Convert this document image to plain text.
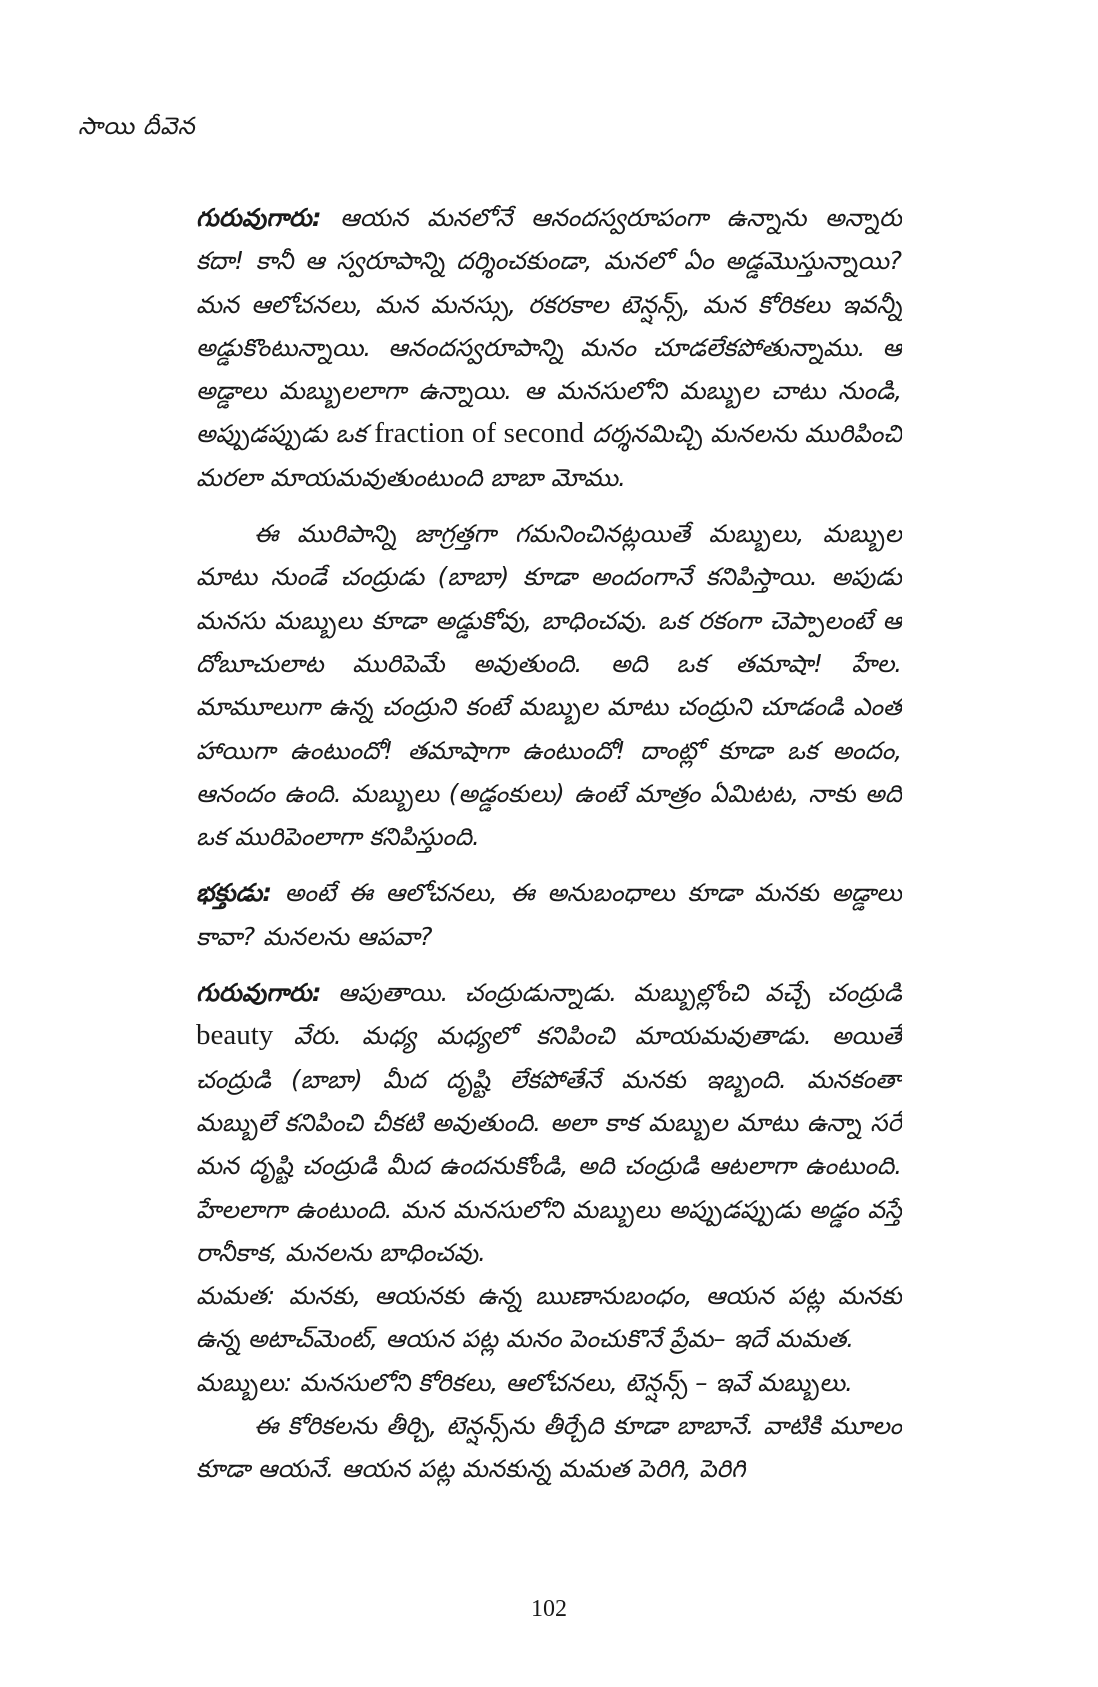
సాయి దీవెన

గురువుగారు: ఆయన మనలోనే ఆనందస్వరూపంగా ఉన్నాను అన్నారు కదా! కానీ ఆ స్వరూపాన్ని దర్శించకుండా, మనలో ఏం అడ్డమొస్తున్నాయి? మన ఆలోచనలు, మన మనస్సు, రకరకాల టెన్షన్స్, మన కోరికలు ఇవన్నీ అడ్డుకొంటున్నాయి. ఆనందస్వరూపాన్ని మనం చూడలేకపోతున్నాము. ఆ అడ్డాలు మబ్బులలాగా ఉన్నాయి. ఆ మనసులోని మబ్బుల చాటు నుండి, అప్పుడప్పుడు ఒక fraction of second దర్శనమిచ్చి మనలను మురిపించి మరలా మాయమవుతుంటుంది బాబా మోము.

ఈ మురిపాన్ని జాగ్రత్తగా గమనించినట్లయితే మబ్బులు, మబ్బుల మాటు నుండే చంద్రుడు (బాబా) కూడా అందంగానే కనిపిస్తాయి. అపుడు మనసు మబ్బులు కూడా అడ్డుకోవు, బాధించవు. ఒక రకంగా చెప్పాలంటే ఆ దోబూచులాట మురిపెమే అవుతుంది. అది ఒక తమాషా! హేల. మామూలుగా ఉన్న చంద్రుని కంటే మబ్బుల మాటు చంద్రుని చూడండి ఎంత హాయిగా ఉంటుందో! తమాషాగా ఉంటుందో! దాంట్లో కూడా ఒక అందం, ఆనందం ఉంది. మబ్బులు (అడ్డంకులు) ఉంటే మాత్రం ఏమిటట, నాకు అది ఒక మురిపెంలాగా కనిపిస్తుంది.

భక్తుడు: అంటే ఈ ఆలోచనలు, ఈ అనుబంధాలు కూడా మనకు అడ్డాలు కావా? మనలను ఆపవా?

గురువుగారు: ఆపుతాయి. చంద్రుడున్నాడు. మబ్బుల్లోంచి వచ్చే చంద్రుడి beauty వేరు. మధ్య మధ్యలో కనిపించి మాయమవుతాడు. అయితే చంద్రుడి (బాబా) మీద దృష్టి లేకపోతేనే మనకు ఇబ్బంది. మనకంతా మబ్బులే కనిపించి చీకటి అవుతుంది. అలా కాక మబ్బుల మాటు ఉన్నా సరే మన దృష్టి చంద్రుడి మీద ఉందనుకోండి, అది చంద్రుడి ఆటలాగా ఉంటుంది. హేలలాగా ఉంటుంది. మన మనసులోని మబ్బులు అప్పుడప్పుడు అడ్డం వస్తే రానీకాక, మనలను బాధించవు.

మమత: మనకు, ఆయనకు ఉన్న ఋణానుబంధం, ఆయన పట్ల మనకు ఉన్న అటాచ్‌మెంట్, ఆయన పట్ల మనం పెంచుకొనే ప్రేమ– ఇదే మమత.

మబ్బులు: మనసులోని కోరికలు, ఆలోచనలు, టెన్షన్స్ – ఇవే మబ్బులు.

ఈ కోరికలను తీర్చి, టెన్షన్స్‌ను తీర్చేది కూడా బాబానే. వాటికి మూలం కూడా ఆయనే. ఆయన పట్ల మనకున్న మమత పెరిగి, పెరిగి

102
